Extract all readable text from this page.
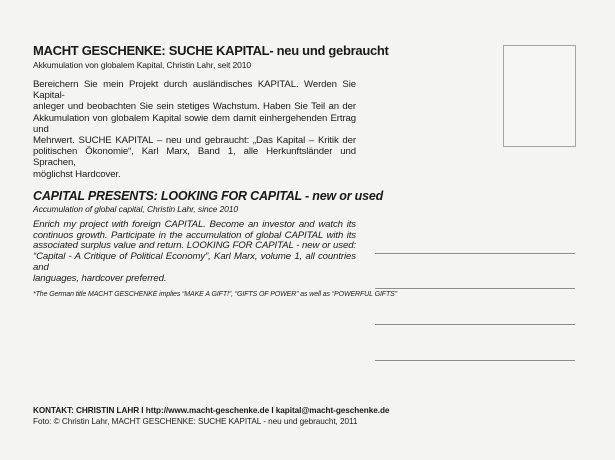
MACHT GESCHENKE: SUCHE KAPITAL- neu und gebraucht
Akkumulation von globalem Kapital, Christin Lahr, seit 2010
Bereichern Sie mein Projekt durch ausländisches KAPITAL. Werden Sie Kapital-
anleger und beobachten Sie sein stetiges Wachstum. Haben Sie Teil an der
Akkumulation von globalem Kapital sowie dem damit einhergehenden Ertrag und
Mehrwert. SUCHE KAPITAL – neu und gebraucht: „Das Kapital – Kritik der
politischen Ökonomie“, Karl Marx, Band 1, alle Herkunftsländer und Sprachen,
möglichst Hardcover.
CAPITAL PRESENTS: LOOKING FOR CAPITAL - new or used
Accumulation of global capital, Christin Lahr, since 2010
Enrich my project with foreign CAPITAL. Become an investor and watch its
continuos growth. Participate in the accumulation of global CAPITAL with its
associated surplus value and return. LOOKING FOR CAPITAL - new or used:
“Capital - A Critique of Political Economy”, Karl Marx, volume 1, all countries and
languages, hardcover preferred.
*The German title MACHT GESCHENKE implies “MAKE A GIFT!”, “GIFTS OF POWER” as well as “POWERFUL GIFTS”
KONTAKT: CHRISTIN LAHR I http://www.macht-geschenke.de I kapital@macht-geschenke.de
Foto: © Christin Lahr, MACHT GESCHENKE: SUCHE KAPITAL - neu und gebraucht, 2011
